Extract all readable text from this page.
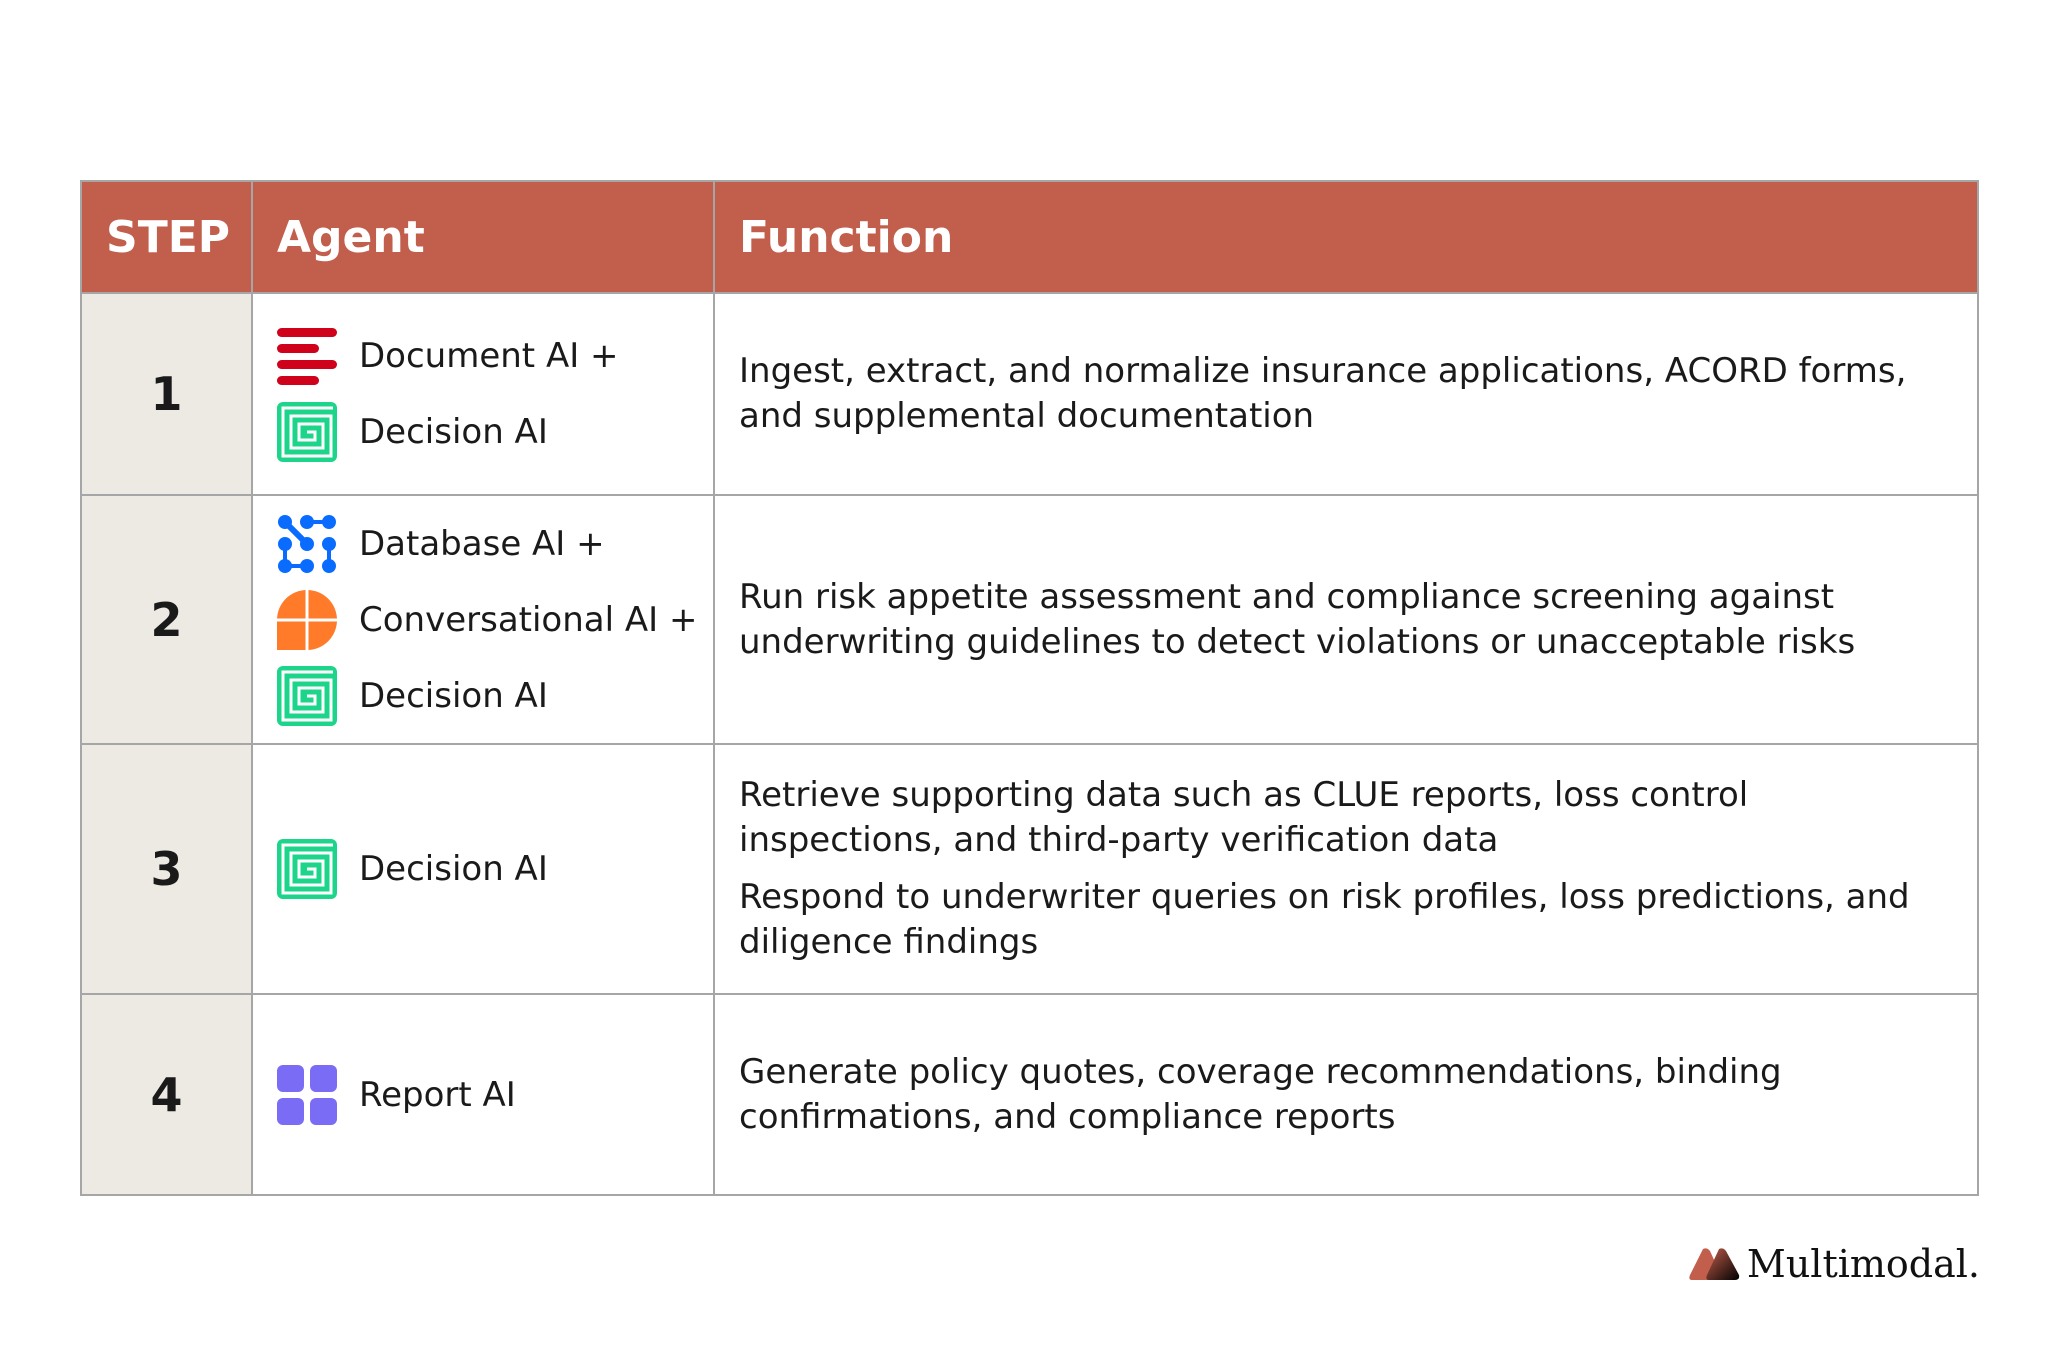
STEP	Agent	Function
1	Document AI +
Decision AI	Ingest, extract, and normalize insurance applications, ACORD forms, and supplemental documentation

2	Database AI +
Conversational AI +
Decision AI	Run risk appetite assessment and compliance screening against underwriting guidelines to detect violations or unacceptable risks

3	Decision AI	Retrieve supporting data such as CLUE reports, loss control inspections, and third-party verification data

Respond to underwriter queries on risk profiles, loss predictions, and diligence findings

4	Report AI	Generate policy quotes, coverage recommendations, binding confirmations, and compliance reports

Multimodal.
